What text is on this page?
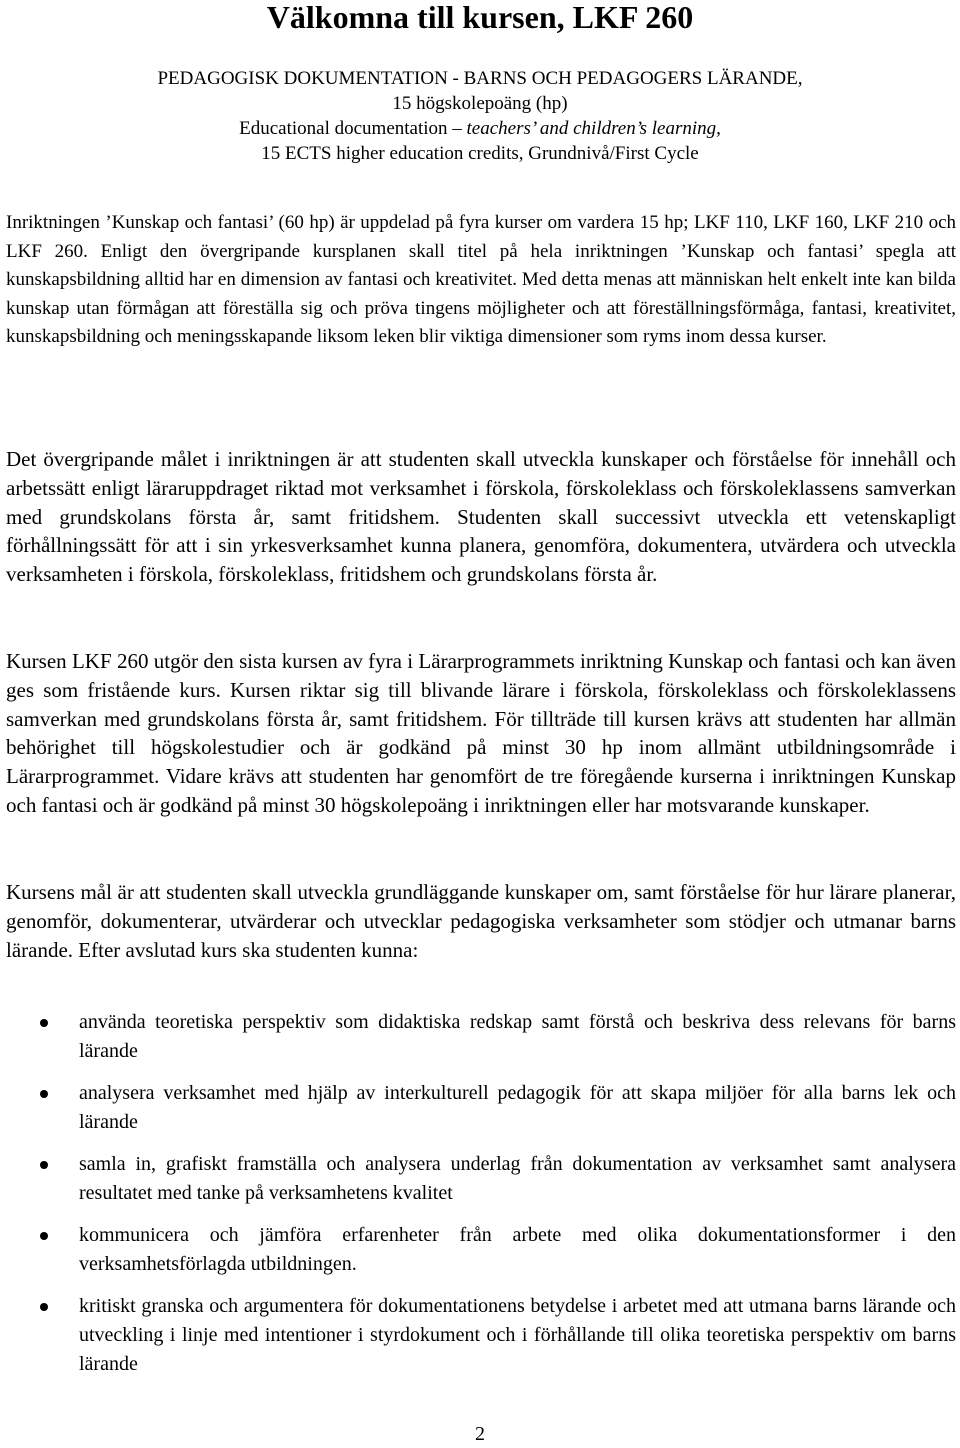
Välkomna till kursen, LKF 260
PEDAGOGISK DOKUMENTATION - BARNS OCH PEDAGOGERS LÄRANDE,
15 högskolepoäng (hp)
Educational documentation – teachers’ and children’s learning,
15 ECTS higher education credits, Grundnivå/First Cycle

Inriktningen ’Kunskap och fantasi’ (60 hp) är uppdelad på fyra kurser om vardera 15 hp; LKF 110, LKF 160, LKF 210 och LKF 260. Enligt den övergripande kursplanen skall titel på hela inriktningen ’Kunskap och fantasi’ spegla att kunskapsbildning alltid har en dimension av fantasi och kreativitet. Med detta menas att människan helt enkelt inte kan bilda kunskap utan förmågan att föreställa sig och pröva tingens möjligheter och att föreställningsförmåga, fantasi, kreativitet, kunskapsbildning och meningsskapande liksom leken blir viktiga dimensioner som ryms inom dessa kurser.

Det övergripande målet i inriktningen är att studenten skall utveckla kunskaper och förståelse för innehåll och arbetssätt enligt läraruppdraget riktad mot verksamhet i förskola, förskoleklass och förskoleklassens samverkan med grundskolans första år, samt fritidshem. Studenten skall successivt utveckla ett vetenskapligt förhållningssätt för att i sin yrkesverksamhet kunna planera, genomföra, dokumentera, utvärdera och utveckla verksamheten i förskola, förskoleklass, fritidshem och grundskolans första år.

Kursen LKF 260 utgör den sista kursen av fyra i Lärarprogrammets inriktning Kunskap och fantasi och kan även ges som fristående kurs. Kursen riktar sig till blivande lärare i förskola, förskoleklass och förskoleklassens samverkan med grundskolans första år, samt fritidshem. För tillträde till kursen krävs att studenten har allmän behörighet till högskolestudier och är godkänd på minst 30 hp inom allmänt utbildningsområde i Lärarprogrammet. Vidare krävs att studenten har genomfört de tre föregående kurserna i inriktningen Kunskap och fantasi och är godkänd på minst 30 högskolepoäng i inriktningen eller har motsvarande kunskaper.

Kursens mål är att studenten skall utveckla grundläggande kunskaper om, samt förståelse för hur lärare planerar, genomför, dokumenterar, utvärderar och utvecklar pedagogiska verksamheter som stödjer och utmanar barns lärande. Efter avslutad kurs ska studenten kunna:

använda teoretiska perspektiv som didaktiska redskap samt förstå och beskriva dess relevans för barns lärande
analysera verksamhet med hjälp av interkulturell pedagogik för att skapa miljöer för alla barns lek och lärande
samla in, grafiskt framställa och analysera underlag från dokumentation av verksamhet samt analysera resultatet med tanke på verksamhetens kvalitet
kommunicera och jämföra erfarenheter från arbete med olika dokumentationsformer i den verksamhetsförlagda utbildningen.
kritiskt granska och argumentera för dokumentationens betydelse i arbetet med att utmana barns lärande och utveckling i linje med intentioner i styrdokument och i förhållande till olika teoretiska perspektiv om barns lärande
2
